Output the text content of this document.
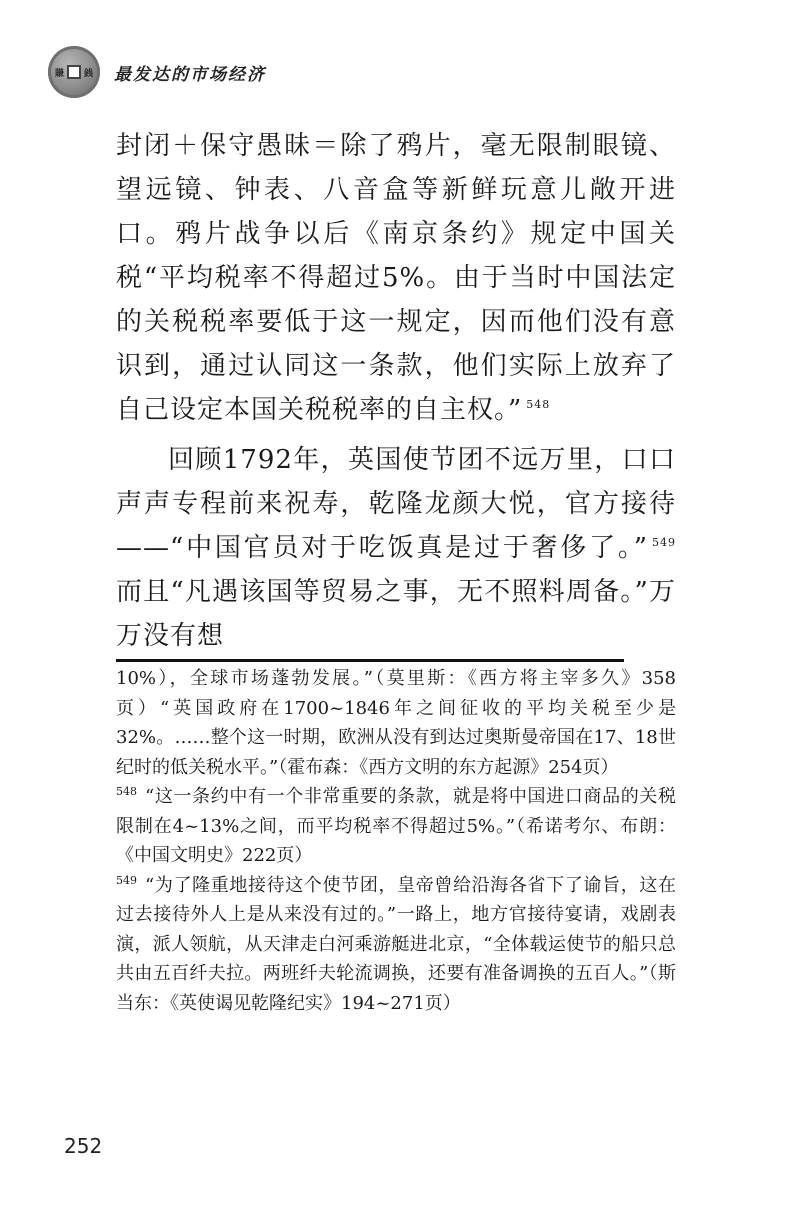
賺 銭 最发达的市场经济

封闭＋保守愚昧＝除了鸦片，毫无限制眼镜、望远镜、钟表、八音盒等新鲜玩意儿敞开进口。鸦片战争以后《南京条约》规定中国关税“平均税率不得超过5%。由于当时中国法定的关税税率要低于这一规定，因而他们没有意识到，通过认同这一条款，他们实际上放弃了自己设定本国关税税率的自主权。” $^{548}$

回顾1792年，英国使节团不远万里，口口声声专程前来祝寿，乾隆龙颜大悦，官方接待——“中国官员对于吃饭真是过于奢侈了。” $^{549}$ 而且“凡遇该国等贸易之事，无不照料周备。”万万没有想

10%），全球市场蓬勃发展。”（莫里斯：《西方将主宰多久》358页）“英国政府在1700~1846年之间征收的平均关税至少是32%。……整个这一时期，欧洲从没有到达过奥斯曼帝国在17、18世纪时的低关税水平。”（霍布森：《西方文明的东方起源》254页）

$^{548}$ “这一条约中有一个非常重要的条款，就是将中国进口商品的关税限制在4~13%之间，而平均税率不得超过5%。”（希诺考尔、布朗：《中国文明史》222页）

$^{549}$ “为了隆重地接待这个使节团，皇帝曾给沿海各省下了谕旨，这在过去接待外人上是从来没有过的。”一路上，地方官接待宴请，戏剧表演，派人领航，从天津走白河乘游艇进北京，“全体载运使节的船只总共由五百纤夫拉。两班纤夫轮流调换，还要有准备调换的五百人。”（斯当东：《英使谒见乾隆纪实》194~271页）

252
